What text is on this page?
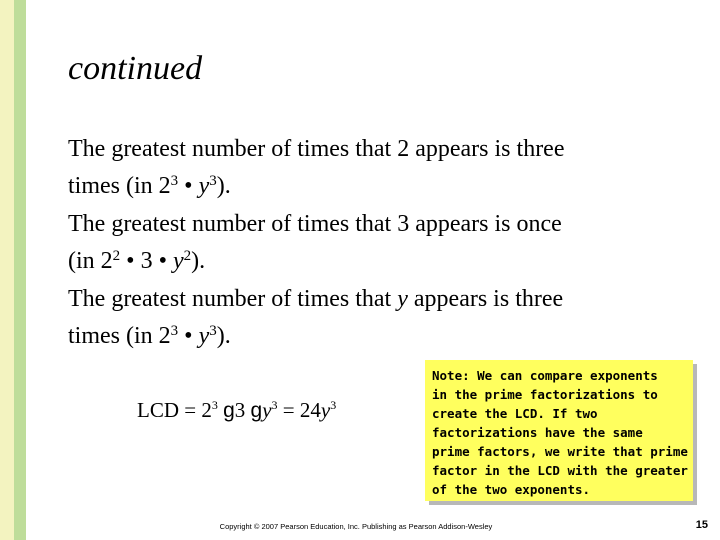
continued
The greatest number of times that 2 appears is three
times (in $2^3$ • $y^3$).
The greatest number of times that 3 appears is once
(in $2^2$ • 3 • $y^2$).
The greatest number of times that y appears is three
times (in $2^3$ • $y^3$).
LCD = $2^3$ g3 $gy^3 = 24y^3$
Note: We can compare exponents
in the prime factorizations to
create the LCD. If two
factorizations have the same
prime factors, we write that prime
factor in the LCD with the greater
of the two exponents.
Copyright © 2007 Pearson Education, Inc. Publishing as Pearson Addison-Wesley	15
